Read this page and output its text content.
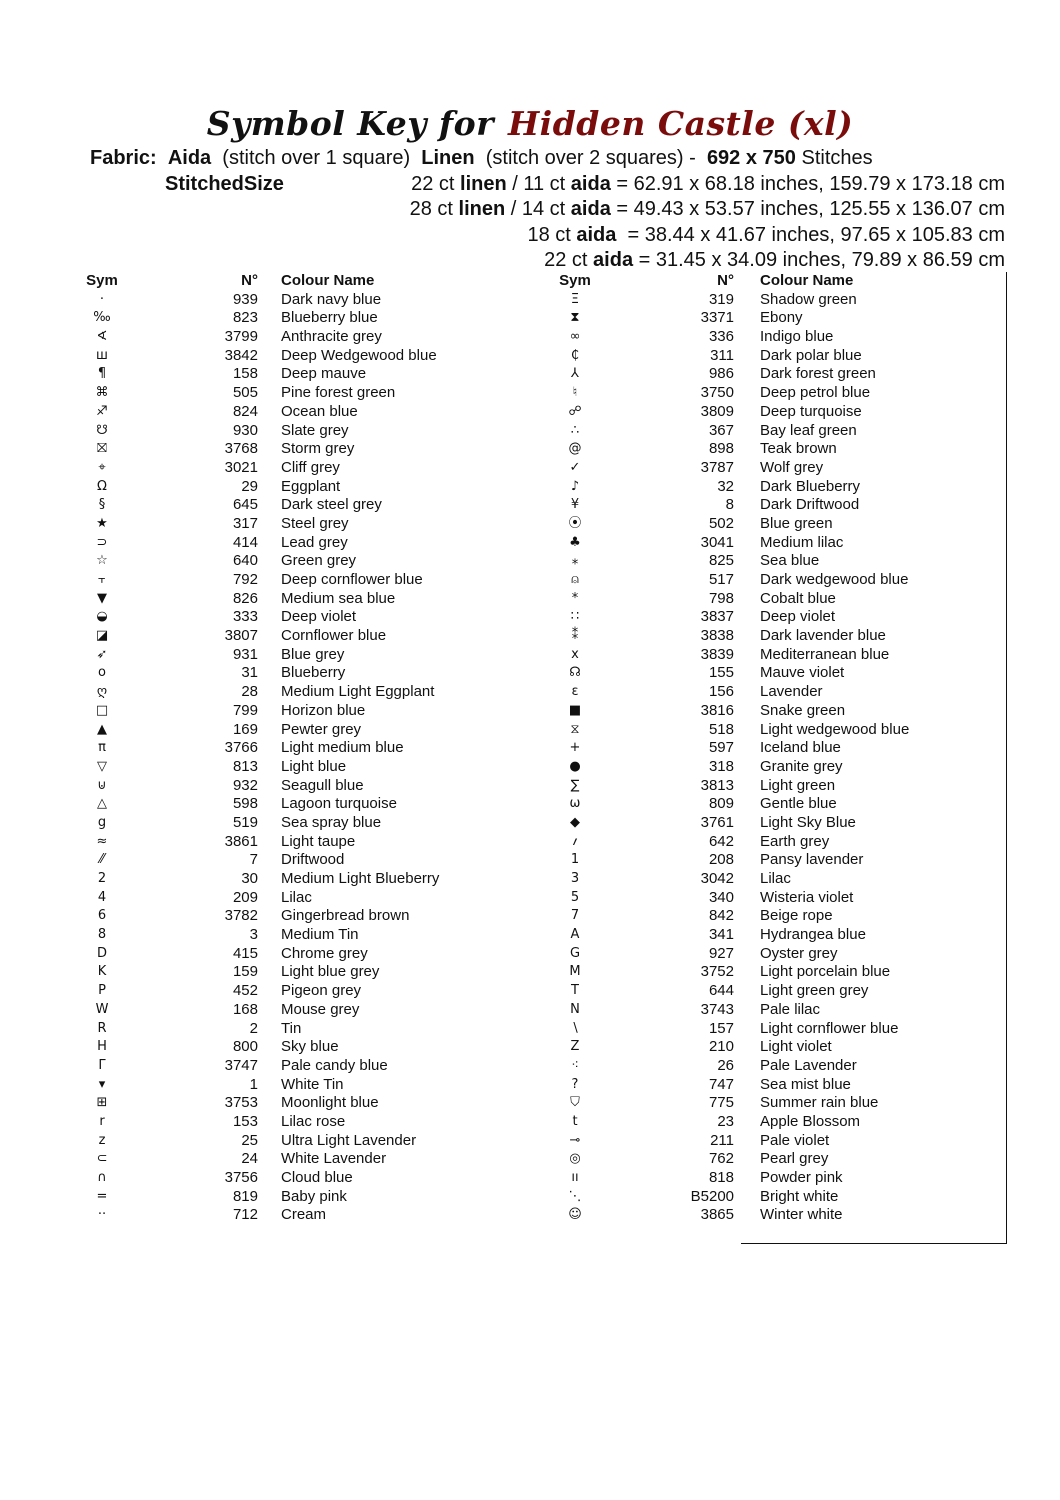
Symbol Key for Hidden Castle (xl)
Fabric: Aida (stitch over 1 square) Linen (stitch over 2 squares) - 692 x 750 Stitches
StitchedSize	22 ct linen / 11 ct aida = 62.91 x 68.18 inches, 159.79 x 173.18 cm
28 ct linen / 14 ct aida = 49.43 x 53.57 inches, 125.55 x 136.07 cm
18 ct aida  = 38.44 x 41.67 inches, 97.65 x 105.83 cm
22 ct aida = 31.45 x 34.09 inches, 79.89 x 86.59 cm
Sym	N° Colour Name
·	939 Dark navy blue
‰	823 Blueberry blue
∢	3799 Anthracite grey
ш	3842 Deep Wedgewood blue
¶	158 Deep mauve
⌘	505 Pine forest green
♐	824 Ocean blue
☋	930 Slate grey
⛝	3768 Storm grey
⌖	3021 Cliff grey
Ω	29 Eggplant
§	645 Dark steel grey
★	317 Steel grey
⊃	414 Lead grey
☆	640 Green grey
⫟	792 Deep cornflower blue
▼	826 Medium sea blue
◒	333 Deep violet
◪	3807 Cornflower blue
➶	931 Blue grey
o	31 Blueberry
ღ	28 Medium Light Eggplant
□	799 Horizon blue
▲	169 Pewter grey
π	3766 Light medium blue
▽	813 Light blue
⊍	932 Seagull blue
△	598 Lagoon turquoise
g	519 Sea spray blue
≈	3861 Light taupe
⁄⁄	7 Driftwood
2	30 Medium Light Blueberry
4	209 Lilac
6	3782 Gingerbread brown
8	3 Medium Tin
D	415 Chrome grey
K	159 Light blue grey
P	452 Pigeon grey
W	168 Mouse grey
R	2 Tin
H	800 Sky blue
Γ	3747 Pale candy blue
▾	1 White Tin
⊞	3753 Moonlight blue
r	153 Lilac rose
z	25 Ultra Light Lavender
⊂	24 White Lavender
∩	3756 Cloud blue
=	819 Baby pink
··	712 Cream
Sym	N° Colour Name
Ξ	319 Shadow green
⧗	3371 Ebony
∞	336 Indigo blue
₵	311 Dark polar blue
⅄	986 Dark forest green
♮	3750 Deep petrol blue
☍	3809 Deep turquoise
∴	367 Bay leaf green
@	898 Teak brown
✓	3787 Wolf grey
♪	32 Dark Blueberry
¥	8 Dark Driftwood
⦿	502 Blue green
♣	3041 Medium lilac
⁎	825 Sea blue
⍝	517 Dark wedgewood blue
*	798 Cobalt blue
∷	3837 Deep violet
⁑	3838 Dark lavender blue
x	3839 Mediterranean blue
☊	155 Mauve violet
ε	156 Lavender
■	3816 Snake green
⧖	518 Light wedgewood blue
+	597 Iceland blue
●	318 Granite grey
∑	3813 Light green
ω	809 Gentle blue
◆	3761 Light Sky Blue
؍	642 Earth grey
1	208 Pansy lavender
3	3042 Lilac
5	340 Wisteria violet
7	842 Beige rope
A	341 Hydrangea blue
G	927 Oyster grey
M	3752 Light porcelain blue
T	644 Light green grey
N	3743 Pale lilac
∖	157 Light cornflower blue
Z	210 Light violet
⁖	26 Pale Lavender
?	747 Sea mist blue
⛉	775 Summer rain blue
t	23 Apple Blossom
⊸	211 Pale violet
◎	762 Pearl grey
ıı	818 Powder pink
⋱	B5200 Bright white
☺	3865 Winter white
